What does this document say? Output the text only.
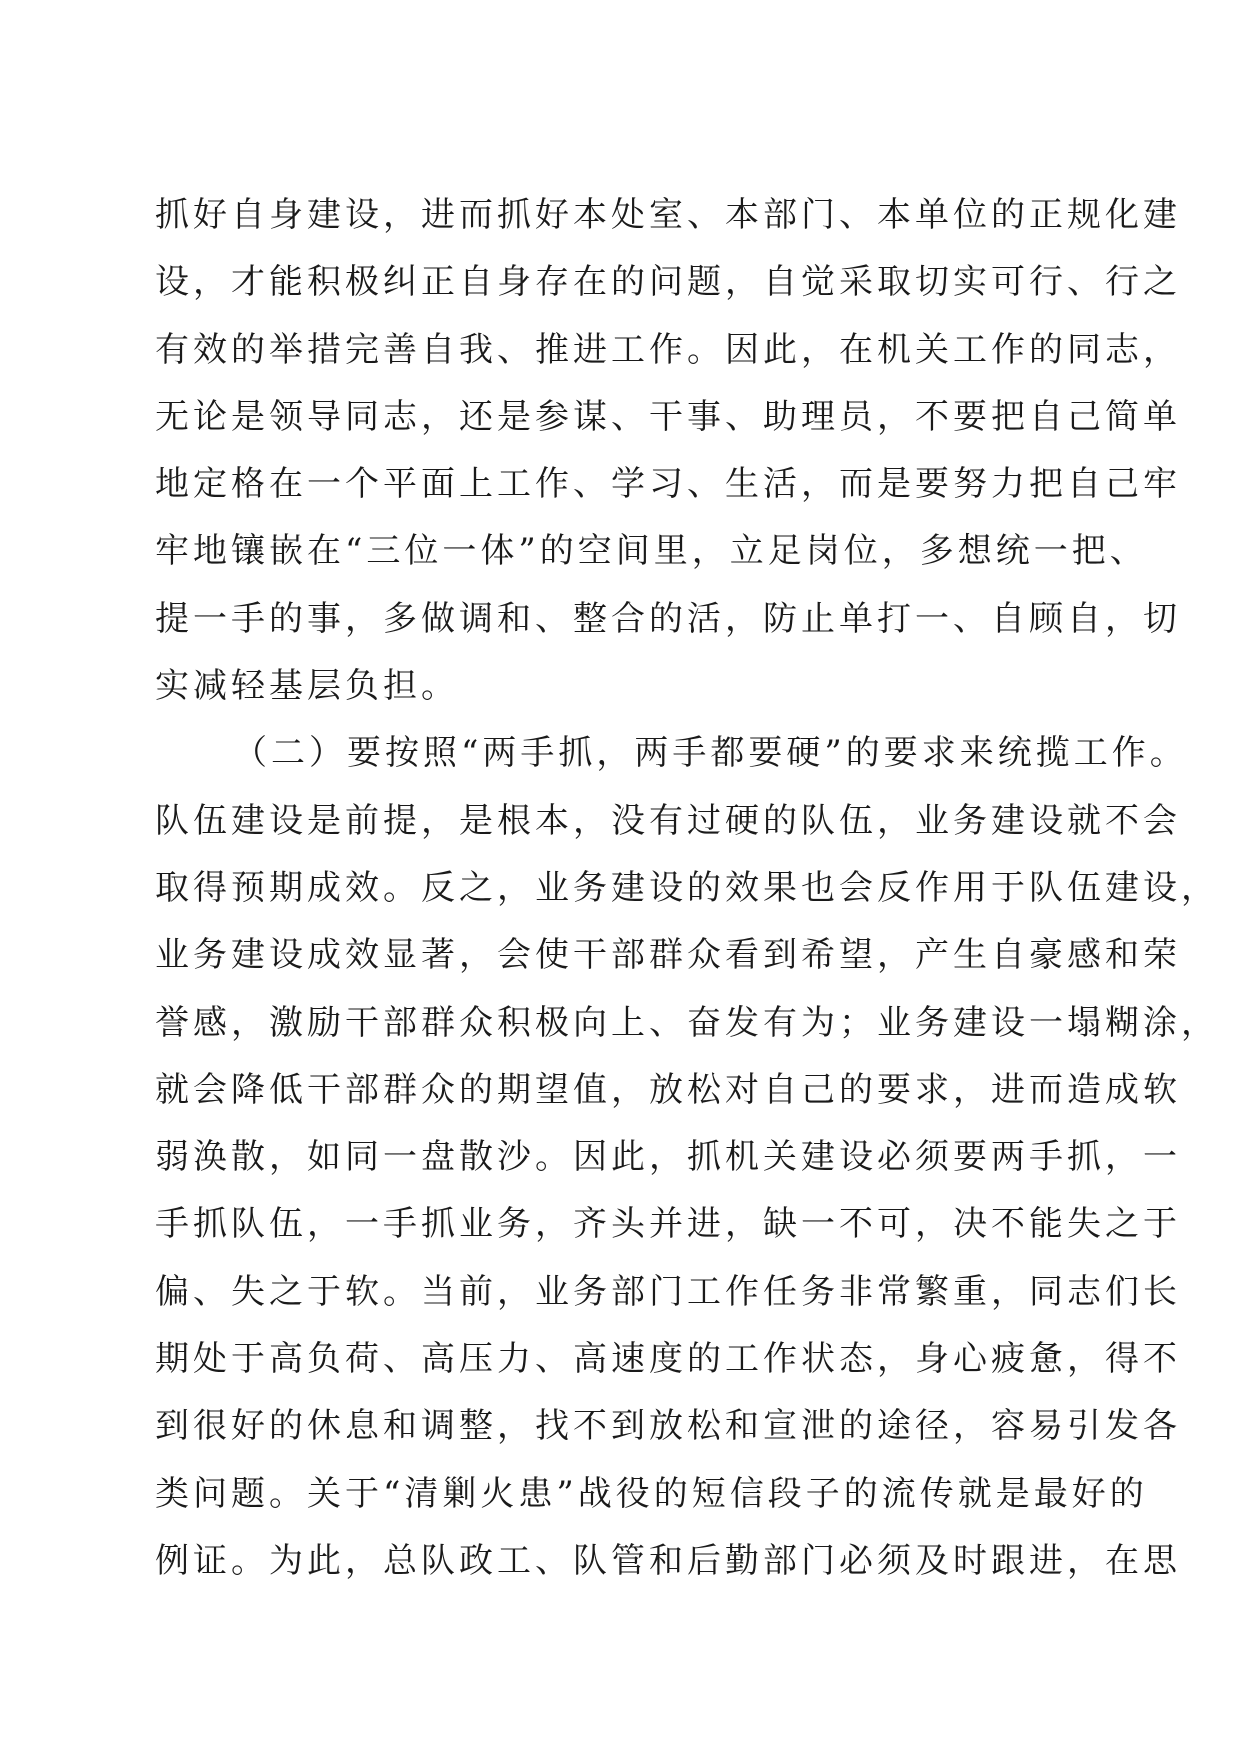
抓好自身建设，进而抓好本处室、本部门、本单位的正规化建
设，才能积极纠正自身存在的问题，自觉采取切实可行、行之
有效的举措完善自我、推进工作。因此，在机关工作的同志，
无论是领导同志，还是参谋、干事、助理员，不要把自己简单
地定格在一个平面上工作、学习、生活，而是要努力把自己牢
牢地镶嵌在“三位一体”的空间里，立足岗位，多想统一把、
提一手的事，多做调和、整合的活，防止单打一、自顾自，切
实减轻基层负担。
（二）要按照“两手抓，两手都要硬”的要求来统揽工作。
队伍建设是前提，是根本，没有过硬的队伍，业务建设就不会
取得预期成效。反之，业务建设的效果也会反作用于队伍建设，
业务建设成效显著，会使干部群众看到希望，产生自豪感和荣
誉感，激励干部群众积极向上、奋发有为；业务建设一塌糊涂，
就会降低干部群众的期望值，放松对自己的要求，进而造成软
弱涣散，如同一盘散沙。因此，抓机关建设必须要两手抓，一
手抓队伍，一手抓业务，齐头并进，缺一不可，决不能失之于
偏、失之于软。当前，业务部门工作任务非常繁重，同志们长
期处于高负荷、高压力、高速度的工作状态，身心疲惫，得不
到很好的休息和调整，找不到放松和宣泄的途径，容易引发各
类问题。关于“清剿火患”战役的短信段子的流传就是最好的
例证。为此，总队政工、队管和后勤部门必须及时跟进，在思
